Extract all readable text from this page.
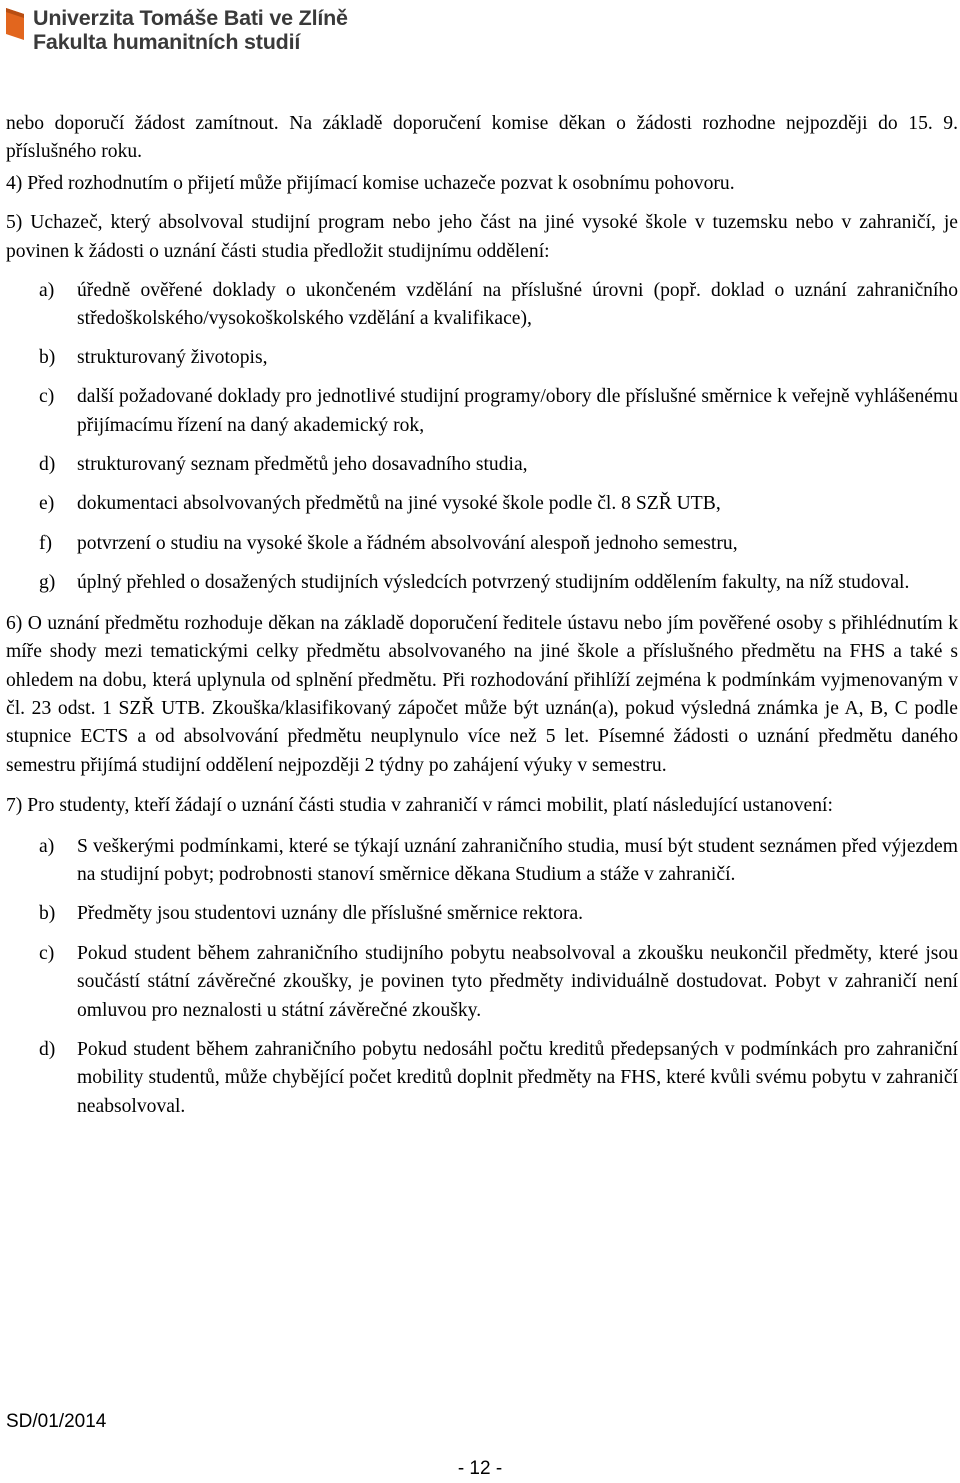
Univerzita Tomáše Bati ve Zlíně
Fakulta humanitních studií

nebo doporučí žádost zamítnout. Na základě doporučení komise děkan o žádosti rozhodne nejpozději do 15. 9. příslušného roku.

4) Před rozhodnutím o přijetí může přijímací komise uchazeče pozvat k osobnímu pohovoru.

5) Uchazeč, který absolvoval studijní program nebo jeho část na jiné vysoké škole v tuzemsku nebo v zahraničí, je povinen k žádosti o uznání části studia předložit studijnímu oddělení:

a) úředně ověřené doklady o ukončeném vzdělání na příslušné úrovni (popř. doklad o uznání zahraničního středoškolského/vysokoškolského vzdělání a kvalifikace),
b) strukturovaný životopis,
c) další požadované doklady pro jednotlivé studijní programy/obory dle příslušné směrnice k veřejně vyhlášenému přijímacímu řízení na daný akademický rok,
d) strukturovaný seznam předmětů jeho dosavadního studia,
e) dokumentaci absolvovaných předmětů na jiné vysoké škole podle čl. 8 SZŘ UTB,
f) potvrzení o studiu na vysoké škole a řádném absolvování alespoň jednoho semestru,
g) úplný přehled o dosažených studijních výsledcích potvrzený studijním oddělením fakulty, na níž studoval.

6) O uznání předmětu rozhoduje děkan na základě doporučení ředitele ústavu nebo jím pověřené osoby s přihlédnutím k míře shody mezi tematickými celky předmětu absolvovaného na jiné škole a příslušného předmětu na FHS a také s ohledem na dobu, která uplynula od splnění předmětu. Při rozhodování přihlíží zejména k podmínkám vyjmenovaným v čl. 23 odst. 1 SZŘ UTB. Zkouška/klasifikovaný zápočet může být uznán(a), pokud výsledná známka je A, B, C podle stupnice ECTS a od absolvování předmětu neuplynulo více než 5 let. Písemné žádosti o uznání předmětu daného semestru přijímá studijní oddělení nejpozději 2 týdny po zahájení výuky v semestru.

7) Pro studenty, kteří žádají o uznání části studia v zahraničí v rámci mobilit, platí následující ustanovení:

a) S veškerými podmínkami, které se týkají uznání zahraničního studia, musí být student seznámen před výjezdem na studijní pobyt; podrobnosti stanoví směrnice děkana Studium a stáže v zahraničí.
b) Předměty jsou studentovi uznány dle příslušné směrnice rektora.
c) Pokud student během zahraničního studijního pobytu neabsolvoval a zkoušku neukončil předměty, které jsou součástí státní závěrečné zkoušky, je povinen tyto předměty individuálně dostudovat. Pobyt v zahraničí není omluvou pro neznalosti u státní závěrečné zkoušky.
d) Pokud student během zahraničního pobytu nedosáhl počtu kreditů předepsaných v podmínkách pro zahraniční mobility studentů, může chybějící počet kreditů doplnit předměty na FHS, které kvůli svému pobytu v zahraničí neabsolvoval.
SD/01/2014
- 12 -
